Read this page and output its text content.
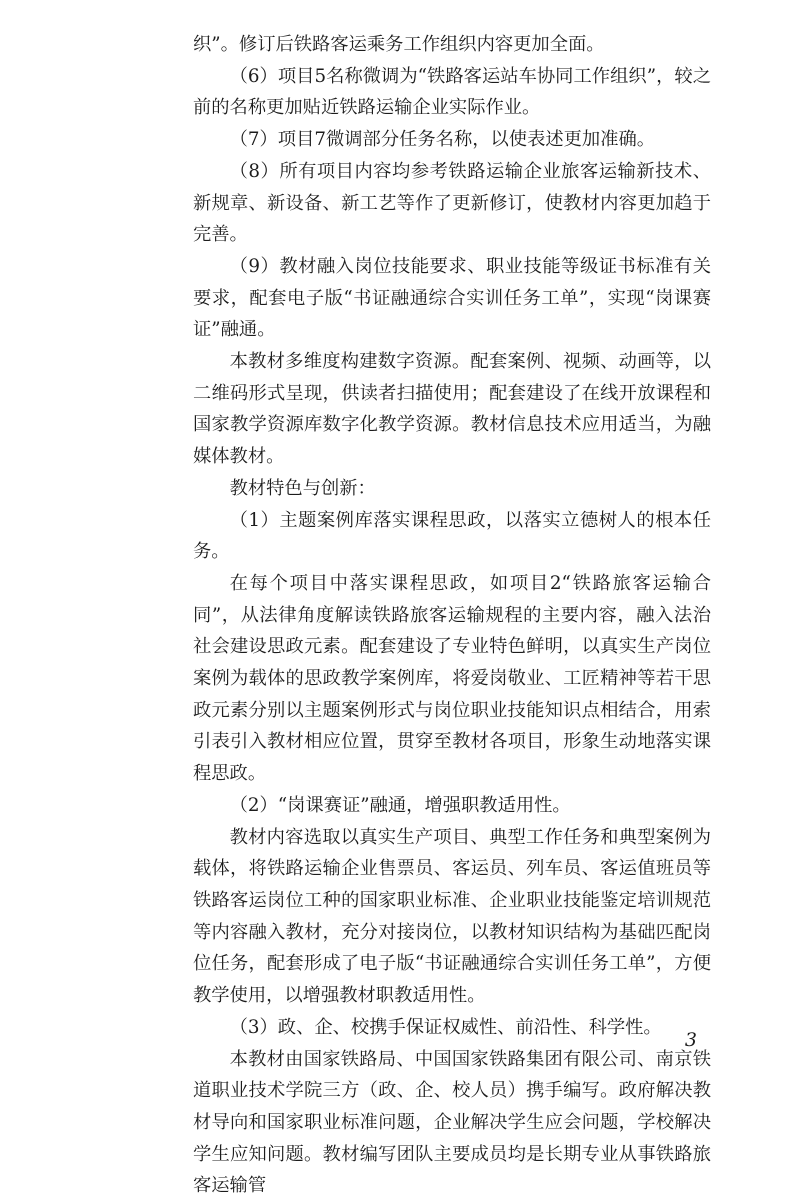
织”。修订后铁路客运乘务工作组织内容更加全面。

（6）项目5名称微调为“铁路客运站车协同工作组织”，较之前的名称更加贴近铁路运输企业实际作业。

（7）项目7微调部分任务名称，以使表述更加准确。

（8）所有项目内容均参考铁路运输企业旅客运输新技术、新规章、新设备、新工艺等作了更新修订，使教材内容更加趋于完善。

（9）教材融入岗位技能要求、职业技能等级证书标准有关要求，配套电子版“书证融通综合实训任务工单”，实现“岗课赛证”融通。

本教材多维度构建数字资源。配套案例、视频、动画等，以二维码形式呈现，供读者扫描使用；配套建设了在线开放课程和国家教学资源库数字化教学资源。教材信息技术应用适当，为融媒体教材。

教材特色与创新：

（1）主题案例库落实课程思政，以落实立德树人的根本任务。

在每个项目中落实课程思政，如项目2“铁路旅客运输合同”，从法律角度解读铁路旅客运输规程的主要内容，融入法治社会建设思政元素。配套建设了专业特色鲜明，以真实生产岗位案例为载体的思政教学案例库，将爱岗敬业、工匠精神等若干思政元素分别以主题案例形式与岗位职业技能知识点相结合，用索引表引入教材相应位置，贯穿至教材各项目，形象生动地落实课程思政。

（2）“岗课赛证”融通，增强职教适用性。

教材内容选取以真实生产项目、典型工作任务和典型案例为载体，将铁路运输企业售票员、客运员、列车员、客运值班员等铁路客运岗位工种的国家职业标准、企业职业技能鉴定培训规范等内容融入教材，充分对接岗位，以教材知识结构为基础匹配岗位任务，配套形成了电子版“书证融通综合实训任务工单”，方便教学使用，以增强教材职教适用性。

（3）政、企、校携手保证权威性、前沿性、科学性。

本教材由国家铁路局、中国国家铁路集团有限公司、南京铁道职业技术学院三方（政、企、校人员）携手编写。政府解决教材导向和国家职业标准问题，企业解决学生应会问题，学校解决学生应知问题。教材编写团队主要成员均是长期专业从事铁路旅客运输管

3
